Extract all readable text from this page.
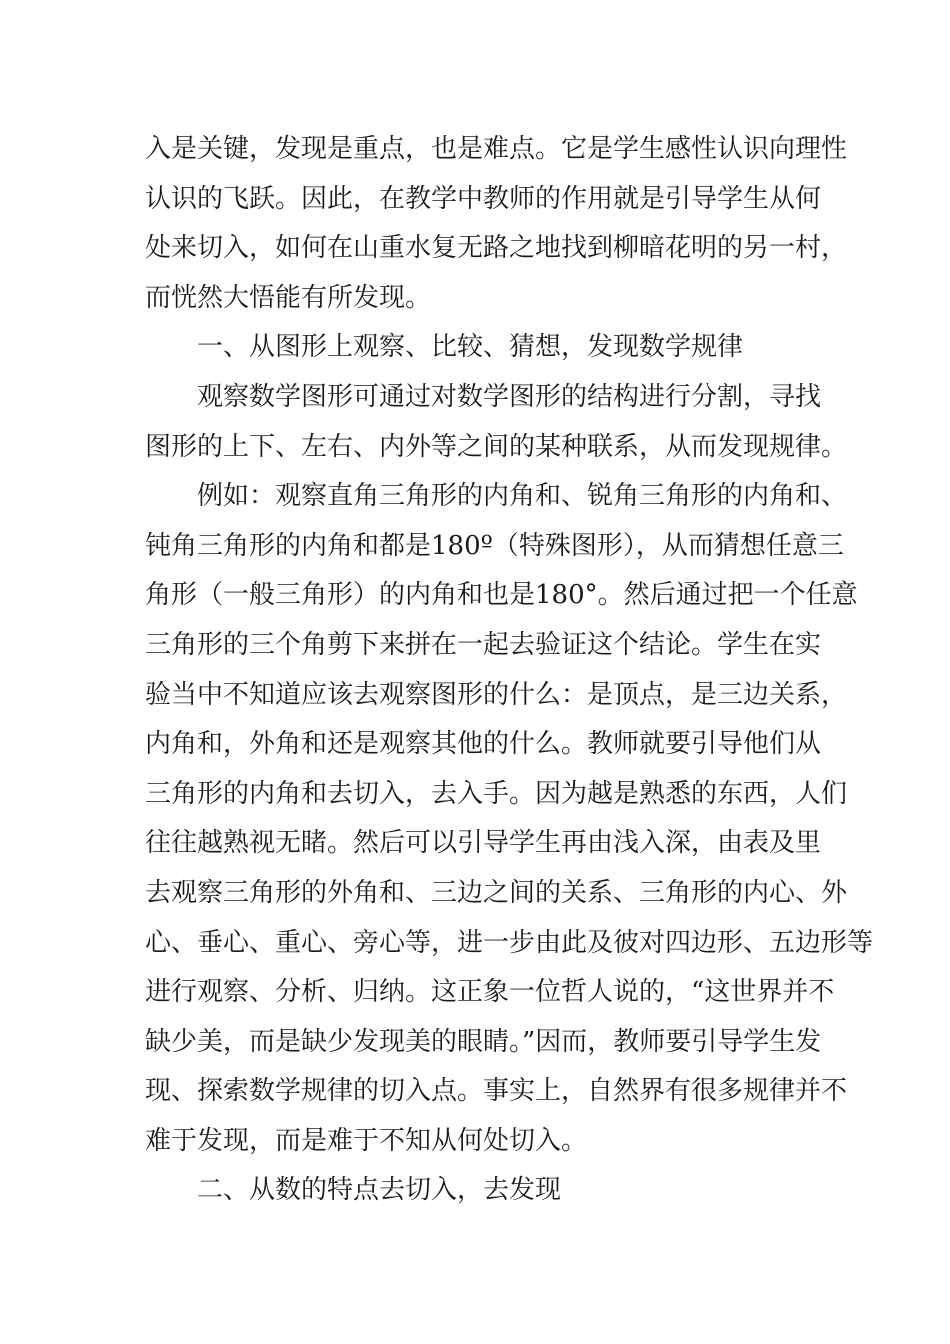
入是关键，发现是重点，也是难点。它是学生感性认识向理性
认识的飞跃。因此，在教学中教师的作用就是引导学生从何
处来切入，如何在山重水复无路之地找到柳暗花明的另一村，
而恍然大悟能有所发现。

一、从图形上观察、比较、猜想，发现数学规律

观察数学图形可通过对数学图形的结构进行分割，寻找
图形的上下、左右、内外等之间的某种联系，从而发现规律。

例如：观察直角三角形的内角和、锐角三角形的内角和、
钝角三角形的内角和都是180º（特殊图形），从而猜想任意三
角形（一般三角形）的内角和也是180°。然后通过把一个任意
三角形的三个角剪下来拼在一起去验证这个结论。学生在实
验当中不知道应该去观察图形的什么：是顶点，是三边关系，
内角和，外角和还是观察其他的什么。教师就要引导他们从
三角形的内角和去切入，去入手。因为越是熟悉的东西，人们
往往越熟视无睹。然后可以引导学生再由浅入深，由表及里
去观察三角形的外角和、三边之间的关系、三角形的内心、外
心、垂心、重心、旁心等，进一步由此及彼对四边形、五边形等
进行观察、分析、归纳。这正象一位哲人说的，“这世界并不
缺少美，而是缺少发现美的眼睛。”因而，教师要引导学生发
现、探索数学规律的切入点。事实上，自然界有很多规律并不
难于发现，而是难于不知从何处切入。

二、从数的特点去切入，去发现
